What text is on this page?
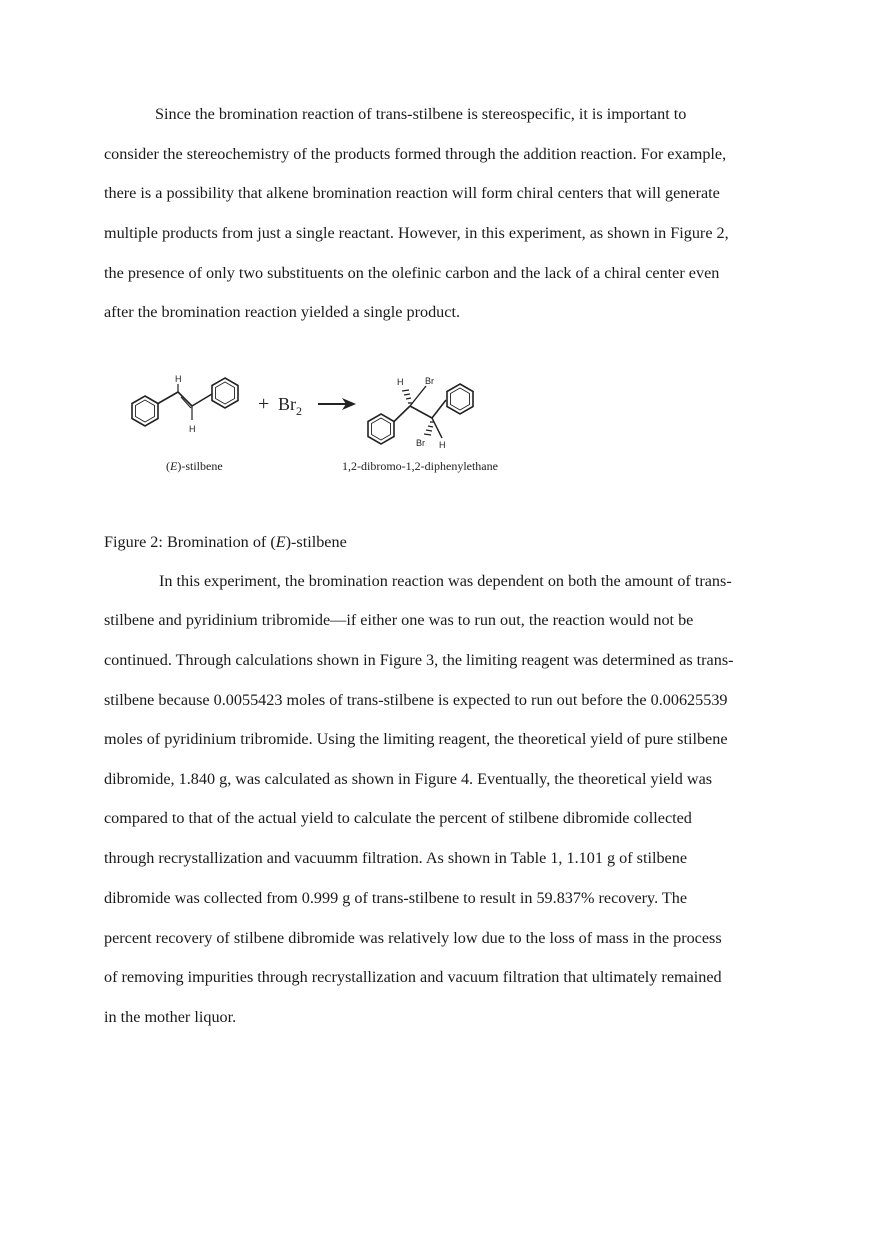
Since the bromination reaction of trans-stilbene is stereospecific, it is important to
consider the stereochemistry of the products formed through the addition reaction. For example,
there is a possibility that alkene bromination reaction will form chiral centers that will generate
multiple products from just a single reactant. However, in this experiment, as shown in Figure 2,
the presence of only two substituents on the olefinic carbon and the lack of a chiral center even
after the bromination reaction yielded a single product.
H
H
+ $Br_2$
H Br
Br H
(E)-stilbene	1,2-dibromo-1,2-diphenylethane
Figure 2: Bromination of (E)-stilbene
In this experiment, the bromination reaction was dependent on both the amount of trans-
stilbene and pyridinium tribromide—if either one was to run out, the reaction would not be
continued. Through calculations shown in Figure 3, the limiting reagent was determined as trans-
stilbene because 0.0055423 moles of trans-stilbene is expected to run out before the 0.00625539
moles of pyridinium tribromide. Using the limiting reagent, the theoretical yield of pure stilbene
dibromide, 1.840 g, was calculated as shown in Figure 4. Eventually, the theoretical yield was
compared to that of the actual yield to calculate the percent of stilbene dibromide collected
through recrystallization and vacuumm filtration. As shown in Table 1, 1.101 g of stilbene
dibromide was collected from 0.999 g of trans-stilbene to result in 59.837% recovery. The
percent recovery of stilbene dibromide was relatively low due to the loss of mass in the process
of removing impurities through recrystallization and vacuum filtration that ultimately remained
in the mother liquor.
